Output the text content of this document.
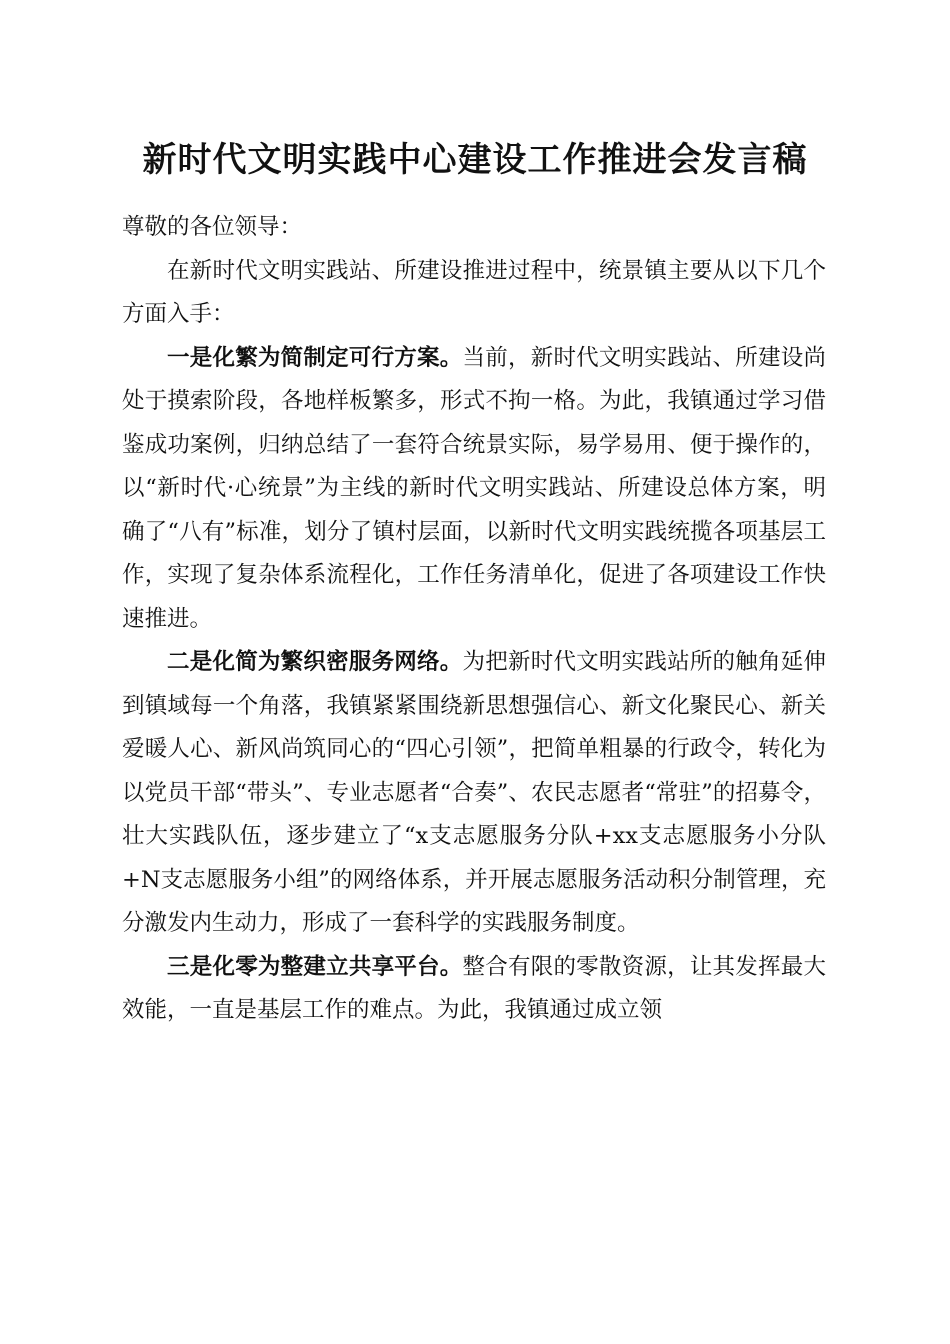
新时代文明实践中心建设工作推进会发言稿

尊敬的各位领导：

在新时代文明实践站、所建设推进过程中，统景镇主要从以下几个方面入手：

一是化繁为简制定可行方案。当前，新时代文明实践站、所建设尚处于摸索阶段，各地样板繁多，形式不拘一格。为此，我镇通过学习借鉴成功案例，归纳总结了一套符合统景实际，易学易用、便于操作的，以“新时代·心统景”为主线的新时代文明实践站、所建设总体方案，明确了“八有”标准，划分了镇村层面，以新时代文明实践统揽各项基层工作，实现了复杂体系流程化，工作任务清单化，促进了各项建设工作快速推进。

二是化简为繁织密服务网络。为把新时代文明实践站所的触角延伸到镇域每一个角落，我镇紧紧围绕新思想强信心、新文化聚民心、新关爱暖人心、新风尚筑同心的“四心引领”，把简单粗暴的行政令，转化为以党员干部“带头”、专业志愿者“合奏”、农民志愿者“常驻”的招募令，壮大实践队伍，逐步建立了“x支志愿服务分队+xx支志愿服务小分队+N支志愿服务小组”的网络体系，并开展志愿服务活动积分制管理，充分激发内生动力，形成了一套科学的实践服务制度。

三是化零为整建立共享平台。整合有限的零散资源，让其发挥最大效能，一直是基层工作的难点。为此，我镇通过成立领
